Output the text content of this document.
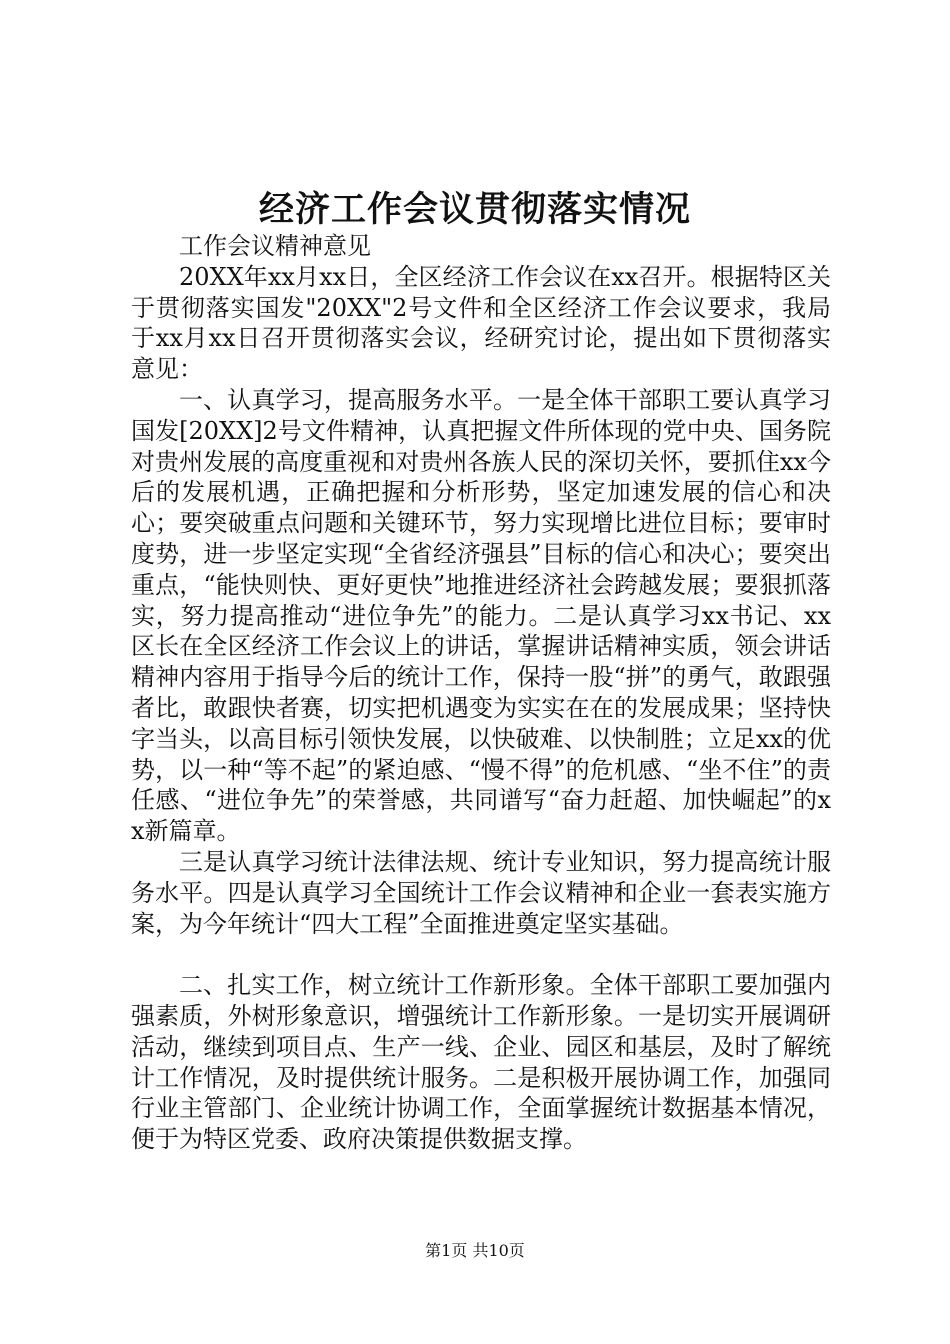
经济工作会议贯彻落实情况

工作会议精神意见

20XX年xx月xx日，全区经济工作会议在xx召开。根据特区关于贯彻落实国发"20XX"2号文件和全区经济工作会议要求，我局于xx月xx日召开贯彻落实会议，经研究讨论，提出如下贯彻落实意见：

一、认真学习，提高服务水平。一是全体干部职工要认真学习国发[20XX]2号文件精神，认真把握文件所体现的党中央、国务院对贵州发展的高度重视和对贵州各族人民的深切关怀，要抓住xx今后的发展机遇，正确把握和分析形势，坚定加速发展的信心和决心；要突破重点问题和关键环节，努力实现增比进位目标；要审时度势，进一步坚定实现“全省经济强县”目标的信心和决心；要突出重点，“能快则快、更好更快”地推进经济社会跨越发展；要狠抓落实，努力提高推动“进位争先”的能力。二是认真学习xx书记、xx区长在全区经济工作会议上的讲话，掌握讲话精神实质，领会讲话精神内容用于指导今后的统计工作，保持一股“拼”的勇气，敢跟强者比，敢跟快者赛，切实把机遇变为实实在在的发展成果；坚持快字当头，以高目标引领快发展，以快破难、以快制胜；立足xx的优势，以一种“等不起”的紧迫感、“慢不得”的危机感、“坐不住”的责任感、“进位争先”的荣誉感，共同谱写“奋力赶超、加快崛起”的xx新篇章。

三是认真学习统计法律法规、统计专业知识，努力提高统计服务水平。四是认真学习全国统计工作会议精神和企业一套表实施方案，为今年统计“四大工程”全面推进奠定坚实基础。

二、扎实工作，树立统计工作新形象。全体干部职工要加强内强素质，外树形象意识，增强统计工作新形象。一是切实开展调研活动，继续到项目点、生产一线、企业、园区和基层，及时了解统计工作情况，及时提供统计服务。二是积极开展协调工作，加强同行业主管部门、企业统计协调工作，全面掌握统计数据基本情况，便于为特区党委、政府决策提供数据支撑。

第1页 共10页
